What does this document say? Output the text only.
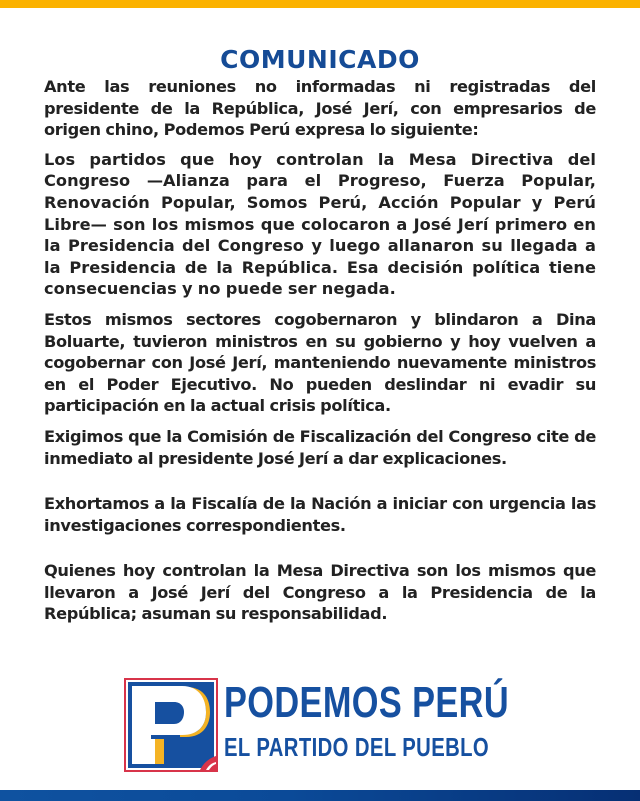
COMUNICADO

Ante las reuniones no informadas ni registradas del presidente de la República, José Jerí, con empresarios de origen chino, Podemos Perú expresa lo siguiente:

Los partidos que hoy controlan la Mesa Directiva del Congreso —Alianza para el Progreso, Fuerza Popular, Renovación Popular, Somos Perú, Acción Popular y Perú Libre— son los mismos que colocaron a José Jerí primero en la Presidencia del Congreso y luego allanaron su llegada a la Presidencia de la República. Esa decisión política tiene consecuencias y no puede ser negada.

Estos mismos sectores cogobernaron y blindaron a Dina Boluarte, tuvieron ministros en su gobierno y hoy vuelven a cogobernar con José Jerí, manteniendo nuevamente ministros en el Poder Ejecutivo. No pueden deslindar ni evadir su participación en la actual crisis política.

Exigimos que la Comisión de Fiscalización del Congreso cite de inmediato al presidente José Jerí a dar explicaciones.

Exhortamos a la Fiscalía de la Nación a iniciar con urgencia las investigaciones correspondientes.

Quienes hoy controlan la Mesa Directiva son los mismos que llevaron a José Jerí del Congreso a la Presidencia de la República; asuman su responsabilidad.

PODEMOS PERÚ
EL PARTIDO DEL PUEBLO
